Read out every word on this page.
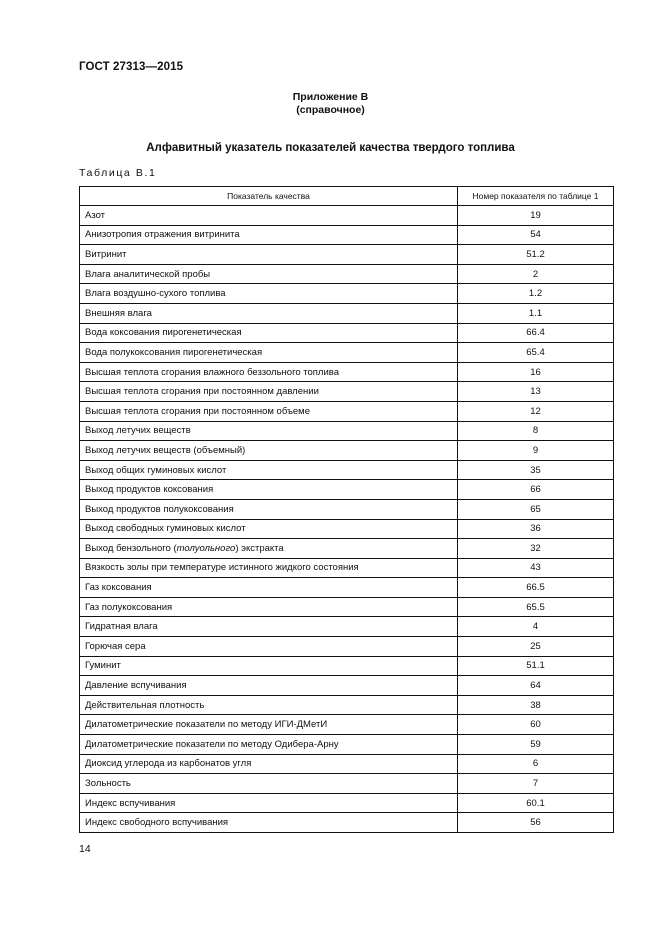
ГОСТ 27313—2015
Приложение В
(справочное)
Алфавитный указатель показателей качества твердого топлива
Таблица В.1
Показатель качества	Номер показателя по таблице 1
Азот	19
Анизотропия отражения витринита	54
Витринит	51.2
Влага аналитической пробы	2
Влага воздушно-сухого топлива	1.2
Внешняя влага	1.1
Вода коксования пирогенетическая	66.4
Вода полукоксования пирогенетическая	65.4
Высшая теплота сгорания влажного беззольного топлива	16
Высшая теплота сгорания при постоянном давлении	13
Высшая теплота сгорания при постоянном объеме	12
Выход летучих веществ	8
Выход летучих веществ (объемный)	9
Выход общих гуминовых кислот	35
Выход продуктов коксования	66
Выход продуктов полукоксования	65
Выход свободных гуминовых кислот	36
Выход бензольного (толуольного) экстракта	32
Вязкость золы при температуре истинного жидкого состояния	43
Газ коксования	66.5
Газ полукоксования	65.5
Гидратная влага	4
Горючая сера	25
Гуминит	51.1
Давление вспучивания	64
Действительная плотность	38
Дилатометрические показатели по методу ИГИ-ДМетИ	60
Дилатометрические показатели по методу Одибера-Арну	59
Диоксид углерода из карбонатов угля	6
Зольность	7
Индекс вспучивания	60.1
Индекс свободного вспучивания	56
14
